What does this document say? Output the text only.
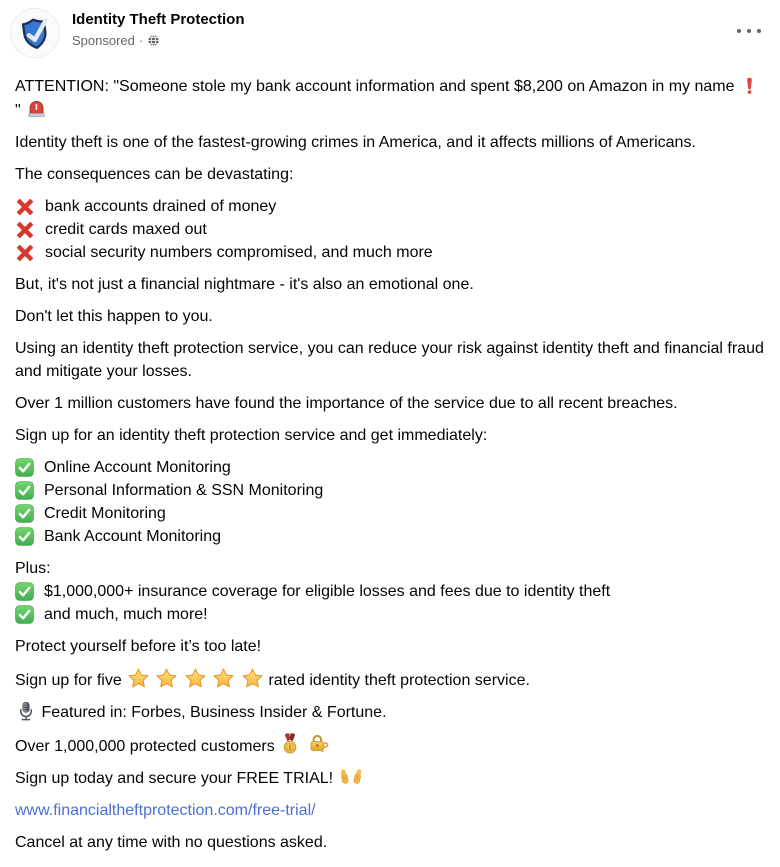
Identity Theft Protection
Sponsored ·

ATTENTION: "Someone stole my bank account information and spent $8,200 on Amazon in my name  "

Identity theft is one of the fastest-growing crimes in America, and it affects millions of Americans.

The consequences can be devastating:

bank accounts drained of money

credit cards maxed out

social security numbers compromised, and much more

But, it's not just a financial nightmare - it's also an emotional one.

Don't let this happen to you.

Using an identity theft protection service, you can reduce your risk against identity theft and financial fraud and mitigate your losses.

Over 1 million customers have found the importance of the service due to all recent breaches.

Sign up for an identity theft protection service and get immediately:

Online Account Monitoring

Personal Information & SSN Monitoring

Credit Monitoring

Bank Account Monitoring

Plus:

$1,000,000+ insurance coverage for eligible losses and fees due to identity theft

and much, much more!

Protect yourself before it’s too late!

Sign up for five	rated identity theft protection service.

Featured in: Forbes, Business Insider & Fortune.

Over 1,000,000 protected customers

Sign up today and secure your FREE TRIAL!

www.financialtheftprotection.com/free-trial/

Cancel at any time with no questions asked.
